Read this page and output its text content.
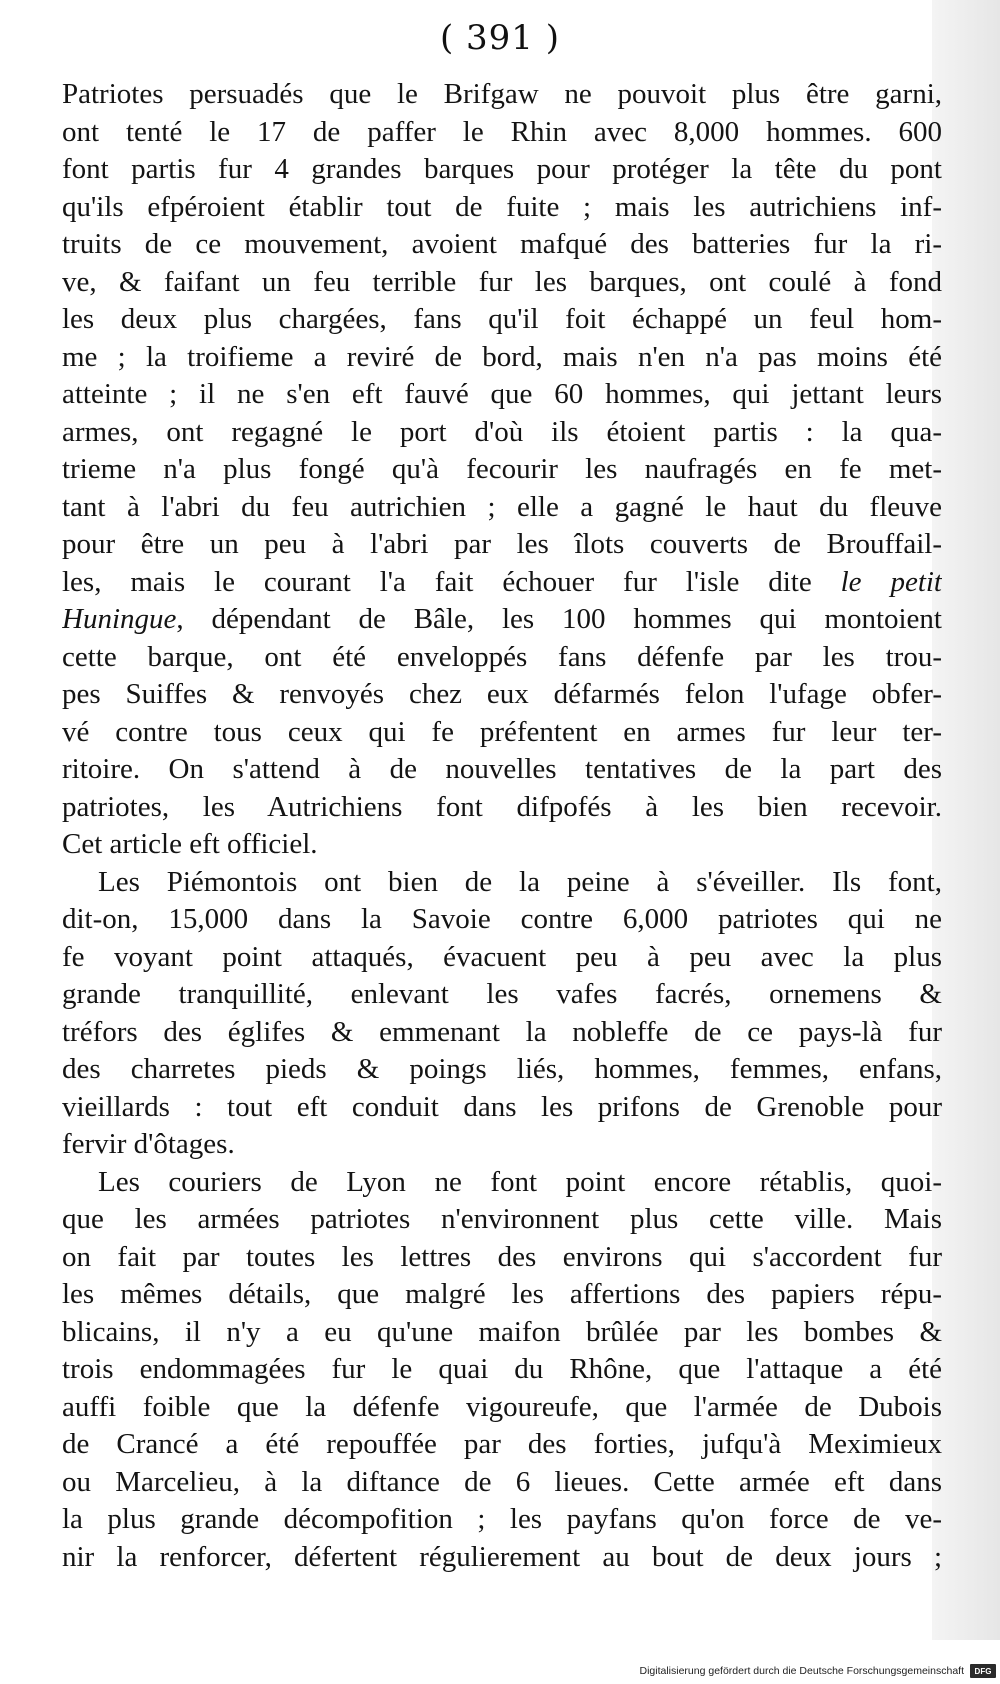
( 391 )
Patriotes persuadés que le Brifgaw ne pouvoit plus être garni,
ont tenté le 17 de paffer le Rhin avec 8,000 hommes. 600
font partis fur 4 grandes barques pour protéger la tête du pont
qu'ils efpéroient établir tout de fuite ; mais les autrichiens inf-
truits de ce mouvement, avoient mafqué des batteries fur la ri-
ve, & faifant un feu terrible fur les barques, ont coulé à fond
les deux plus chargées, fans qu'il foit échappé un feul hom-
me ; la troifieme a reviré de bord, mais n'en n'a pas moins été
atteinte ; il ne s'en eft fauvé que 60 hommes, qui jettant leurs
armes, ont regagné le port d'où ils étoient partis : la qua-
trieme n'a plus fongé qu'à fecourir les naufragés en fe met-
tant à l'abri du feu autrichien ; elle a gagné le haut du fleuve
pour être un peu à l'abri par les îlots couverts de Brouffail-
les, mais le courant l'a fait échouer fur l'isle dite le petit
Huningue, dépendant de Bâle, les 100 hommes qui montoient
cette barque, ont été enveloppés fans défenfe par les trou-
pes Suiffes & renvoyés chez eux défarmés felon l'ufage obfer-
vé contre tous ceux qui fe préfentent en armes fur leur ter-
ritoire. On s'attend à de nouvelles tentatives de la part des
patriotes, les Autrichiens font difpofés à les bien recevoir.
Cet article eft officiel.
Les Piémontois ont bien de la peine à s'éveiller. Ils font,
dit-on, 15,000 dans la Savoie contre 6,000 patriotes qui ne
fe voyant point attaqués, évacuent peu à peu avec la plus
grande tranquillité, enlevant les vafes facrés, ornemens &
tréfors des églifes & emmenant la nobleffe de ce pays-là fur
des charretes pieds & poings liés, hommes, femmes, enfans,
vieillards : tout eft conduit dans les prifons de Grenoble pour
fervir d'ôtages.
Les couriers de Lyon ne font point encore rétablis, quoi-
que les armées patriotes n'environnent plus cette ville. Mais
on fait par toutes les lettres des environs qui s'accordent fur
les mêmes détails, que malgré les affertions des papiers répu-
blicains, il n'y a eu qu'une maifon brûlée par les bombes &
trois endommagées fur le quai du Rhône, que l'attaque a été
auffi foible que la défenfe vigoureufe, que l'armée de Dubois
de Crancé a été repouffée par des forties, jufqu'à Meximieux
ou Marcelieu, à la diftance de 6 lieues. Cette armée eft dans
la plus grande décompofition ; les payfans qu'on force de ve-
nir la renforcer, défertent régulierement au bout de deux jours ;
Digitalisierung gefördert durch die Deutsche Forschungsgemeinschaft	DFG
